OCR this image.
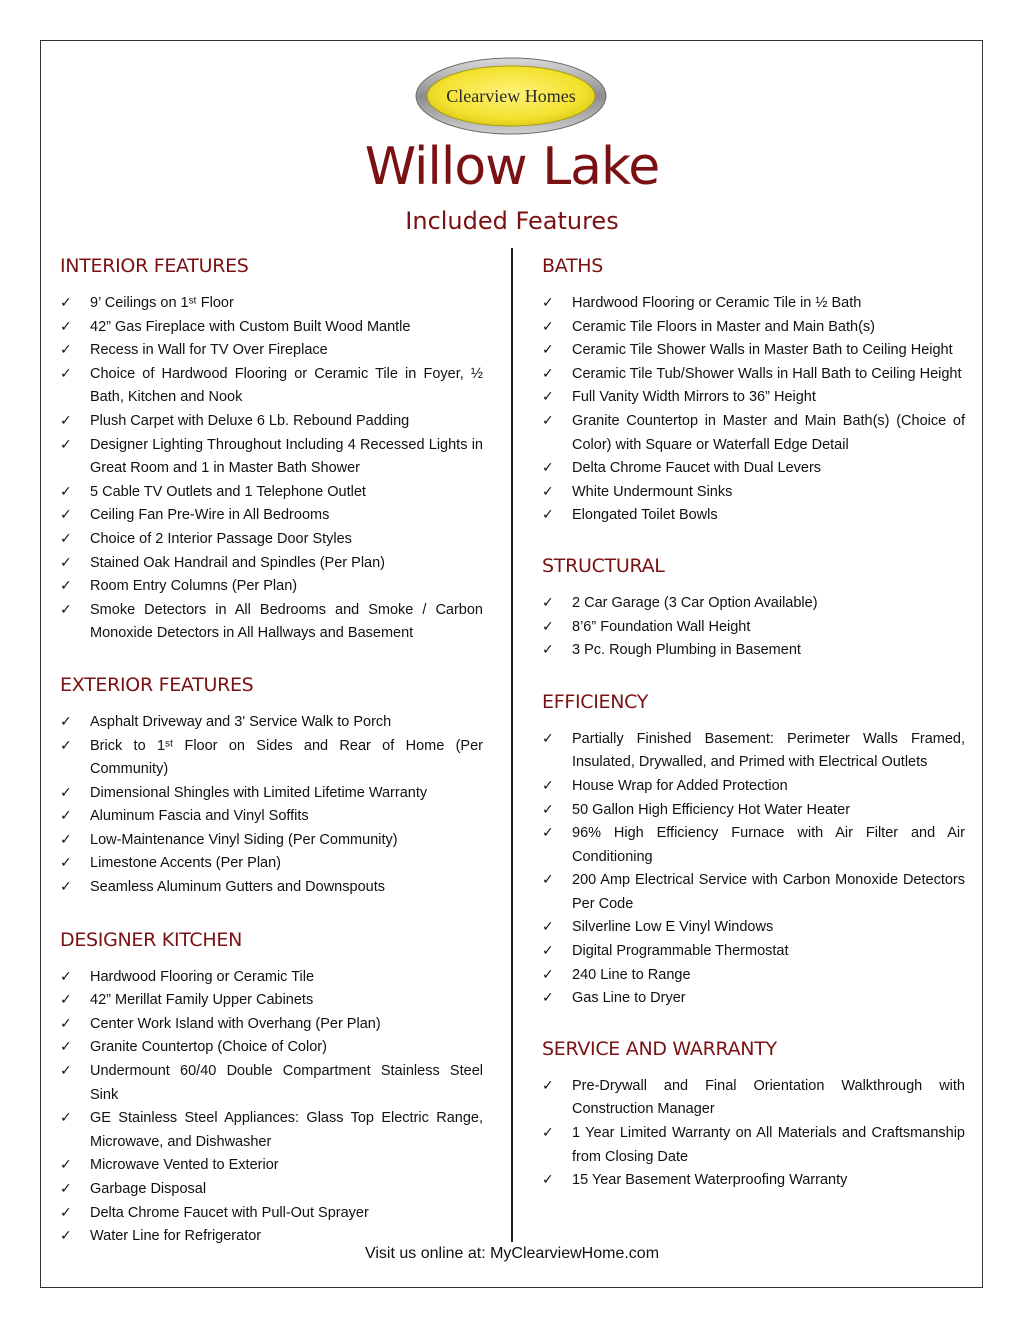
Clearview Homes
Willow Lake
Included Features
INTERIOR FEATURES
✓ 9’ Ceilings on 1ˢᵗ Floor
✓ 42” Gas Fireplace with Custom Built Wood Mantle
✓ Recess in Wall for TV Over Fireplace
✓ Choice of Hardwood Flooring or Ceramic Tile in Foyer, ½ Bath, Kitchen and Nook
✓ Plush Carpet with Deluxe 6 Lb. Rebound Padding
✓ Designer Lighting Throughout Including 4 Recessed Lights in Great Room and 1 in Master Bath Shower
✓ 5 Cable TV Outlets and 1 Telephone Outlet
✓ Ceiling Fan Pre-Wire in All Bedrooms
✓ Choice of 2 Interior Passage Door Styles
✓ Stained Oak Handrail and Spindles (Per Plan)
✓ Room Entry Columns (Per Plan)
✓ Smoke Detectors in All Bedrooms and Smoke / Carbon Monoxide Detectors in All Hallways and Basement
EXTERIOR FEATURES
✓ Asphalt Driveway and 3' Service Walk to Porch
✓ Brick to 1ˢᵗ Floor on Sides and Rear of Home (Per Community)
✓ Dimensional Shingles with Limited Lifetime Warranty
✓ Aluminum Fascia and Vinyl Soffits
✓ Low-Maintenance Vinyl Siding (Per Community)
✓ Limestone Accents (Per Plan)
✓ Seamless Aluminum Gutters and Downspouts
DESIGNER KITCHEN
✓ Hardwood Flooring or Ceramic Tile
✓ 42” Merillat Family Upper Cabinets
✓ Center Work Island with Overhang (Per Plan)
✓ Granite Countertop (Choice of Color)
✓ Undermount 60/40 Double Compartment Stainless Steel Sink
✓ GE Stainless Steel Appliances: Glass Top Electric Range, Microwave, and Dishwasher
✓ Microwave Vented to Exterior
✓ Garbage Disposal
✓ Delta Chrome Faucet with Pull-Out Sprayer
✓ Water Line for Refrigerator
BATHS
✓ Hardwood Flooring or Ceramic Tile in ½ Bath
✓ Ceramic Tile Floors in Master and Main Bath(s)
✓ Ceramic Tile Shower Walls in Master Bath to Ceiling Height
✓ Ceramic Tile Tub/Shower Walls in Hall Bath to Ceiling Height
✓ Full Vanity Width Mirrors to 36” Height
✓ Granite Countertop in Master and Main Bath(s) (Choice of Color) with Square or Waterfall Edge Detail
✓ Delta Chrome Faucet with Dual Levers
✓ White Undermount Sinks
✓ Elongated Toilet Bowls
STRUCTURAL
✓ 2 Car Garage (3 Car Option Available)
✓ 8’6” Foundation Wall Height
✓ 3 Pc. Rough Plumbing in Basement
EFFICIENCY
✓ Partially Finished Basement: Perimeter Walls Framed, Insulated, Drywalled, and Primed with Electrical Outlets
✓ House Wrap for Added Protection
✓ 50 Gallon High Efficiency Hot Water Heater
✓ 96% High Efficiency Furnace with Air Filter and Air Conditioning
✓ 200 Amp Electrical Service with Carbon Monoxide Detectors Per Code
✓ Silverline Low E Vinyl Windows
✓ Digital Programmable Thermostat
✓ 240 Line to Range
✓ Gas Line to Dryer
SERVICE AND WARRANTY
✓ Pre-Drywall and Final Orientation Walkthrough with Construction Manager
✓ 1 Year Limited Warranty on All Materials and Craftsmanship from Closing Date
✓ 15 Year Basement Waterproofing Warranty
Visit us online at: MyClearviewHome.com
